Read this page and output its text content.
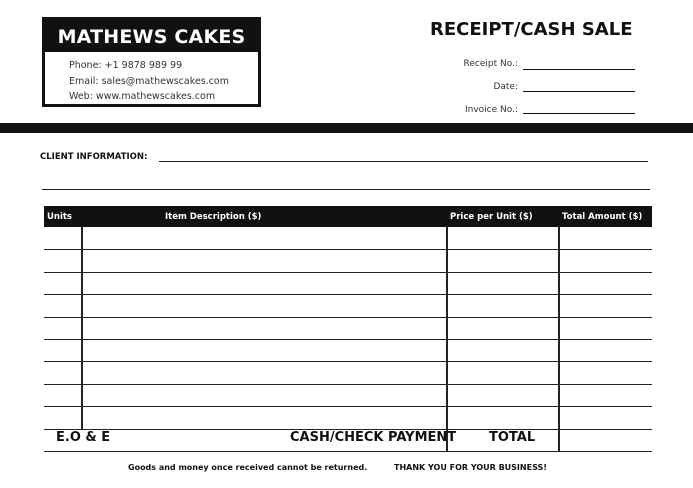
MATHEWS CAKES
Phone: +1 9878 989 99
Email: sales@mathewscakes.com
Web: www.mathewscakes.com
RECEIPT/CASH SALE
Receipt No.:
Date:
Invoice No.:
CLIENT INFORMATION:
Units	Item Description ($)	Price per Unit ($)	Total Amount ($)
E.O & E	CASH/CHECK PAYMENT	TOTAL
Goods and money once received cannot be returned.	THANK YOU FOR YOUR BUSINESS!
